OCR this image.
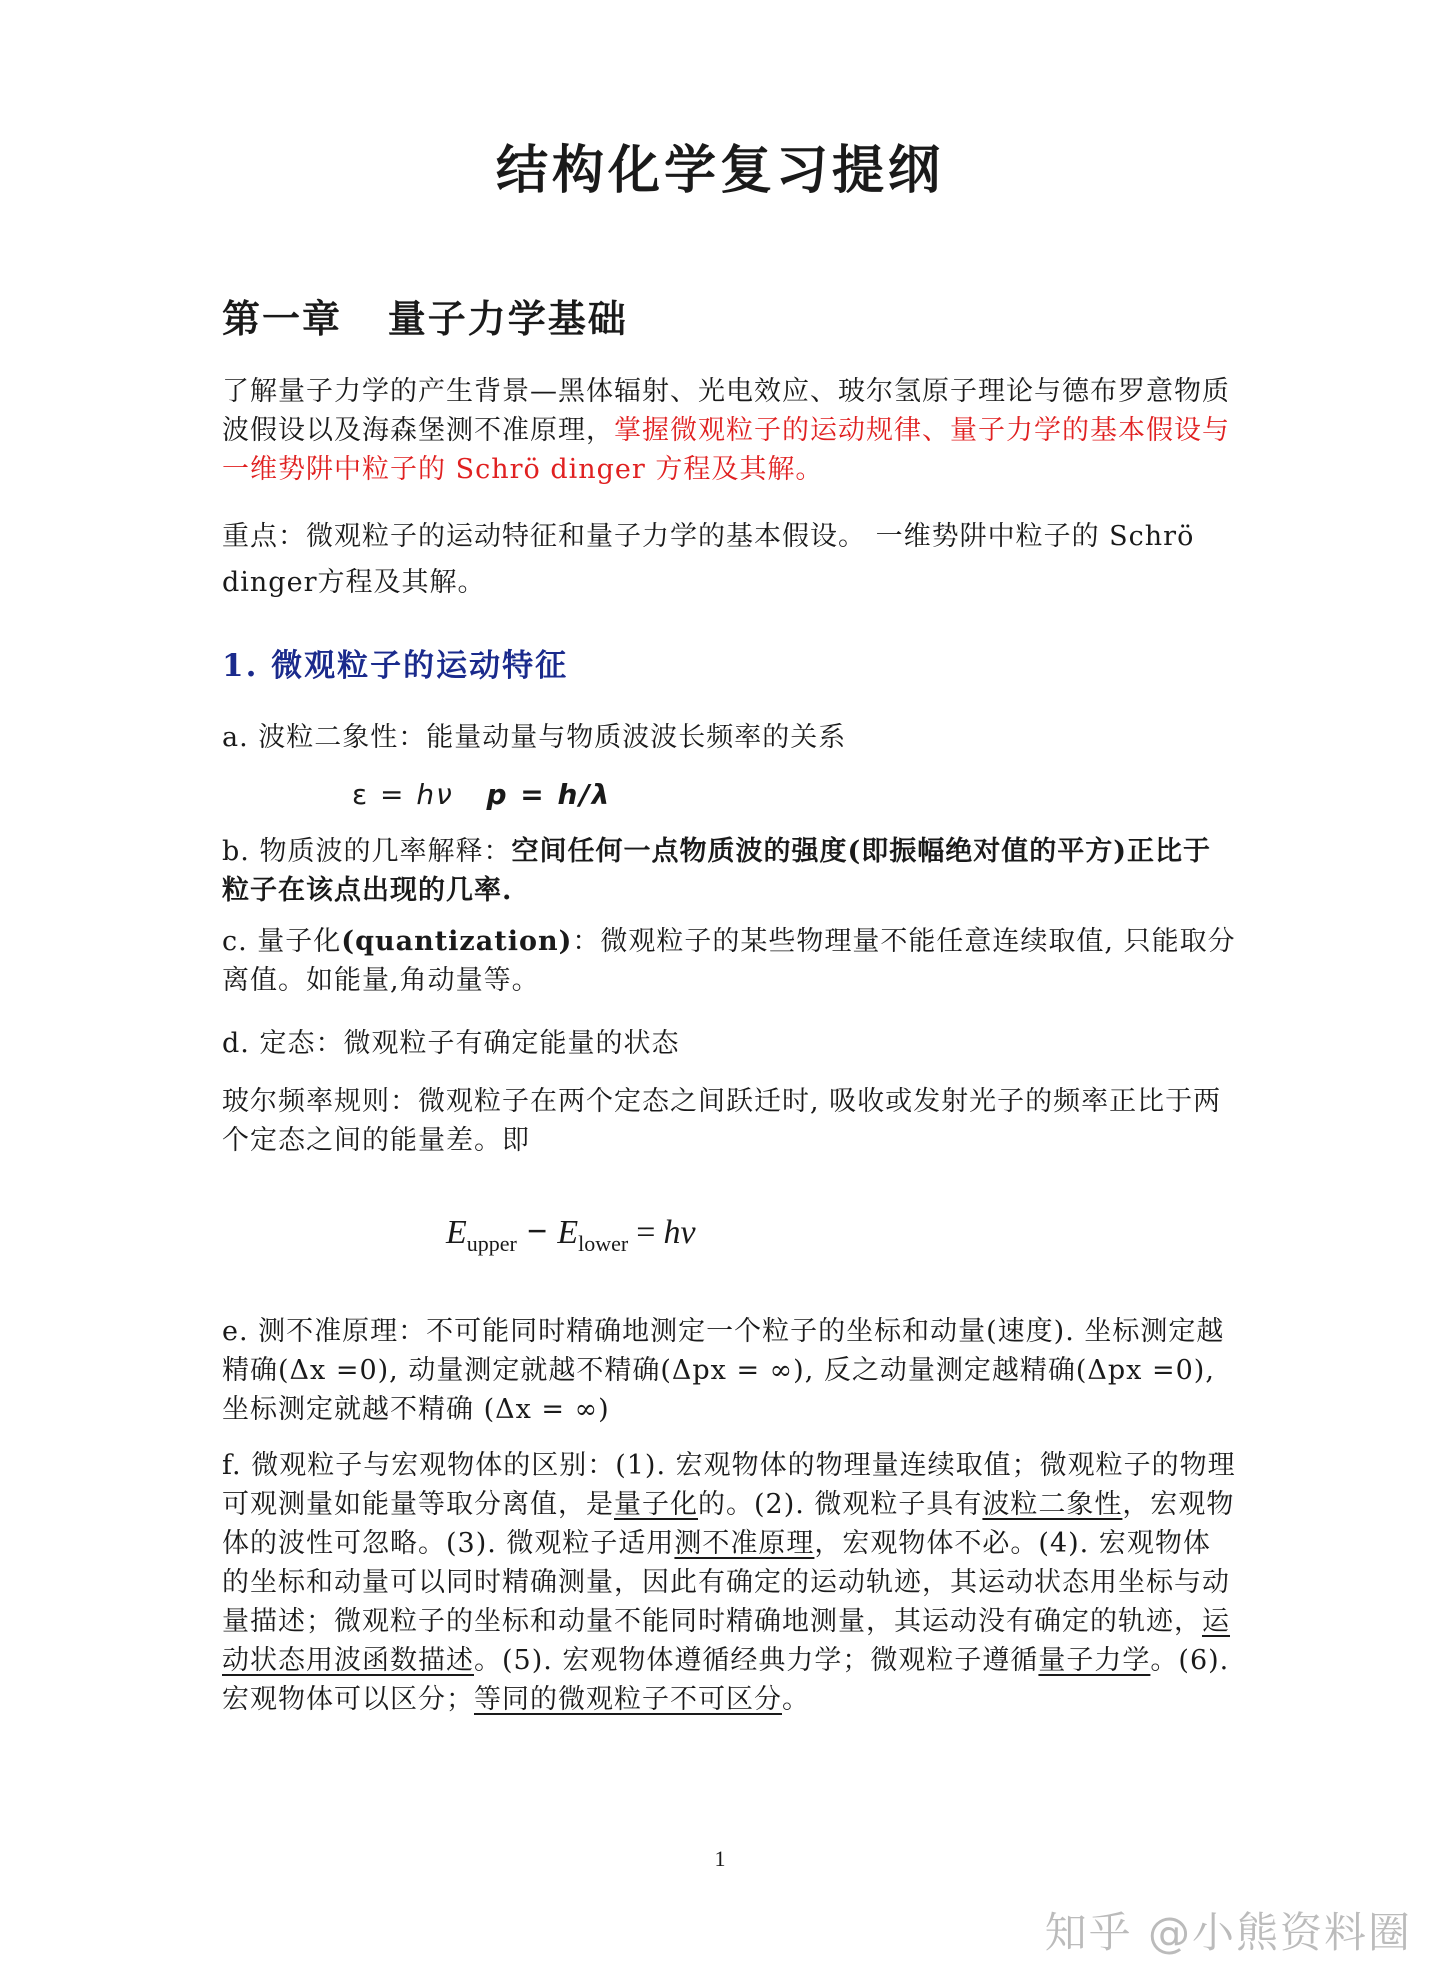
结构化学复习提纲
第一章   量子力学基础

了解量子力学的产生背景—黑体辐射、光电效应、玻尔氢原子理论与德布罗意物质波假设以及海森堡测不准原理，掌握微观粒子的运动规律、量子力学的基本假设与一维势阱中粒子的 Schrö dinger 方程及其解。

重点：微观粒子的运动特征和量子力学的基本假设。 一维势阱中粒子的 Schrö dinger方程及其解。

1. 微观粒子的运动特征

a. 波粒二象性：能量动量与物质波波长频率的关系

ε = hν p = h/λ

b. 物质波的几率解释：空间任何一点物质波的强度(即振幅绝对值的平方)正比于粒子在该点出现的几率.

c. 量子化(quantization)：微观粒子的某些物理量不能任意连续取值, 只能取分离值。如能量,角动量等。

d. 定态：微观粒子有确定能量的状态

玻尔频率规则：微观粒子在两个定态之间跃迁时, 吸收或发射光子的频率正比于两个定态之间的能量差。即

$E_{upper} - E_{lower} = h\nu$

e. 测不准原理：不可能同时精确地测定一个粒子的坐标和动量(速度). 坐标测定越精确(Δx =0), 动量测定就越不精确(Δpx = ∞), 反之动量测定越精确(Δpx =0), 坐标测定就越不精确 (Δx = ∞)

f. 微观粒子与宏观物体的区别：(1). 宏观物体的物理量连续取值；微观粒子的物理可观测量如能量等取分离值，是量子化的。(2). 微观粒子具有波粒二象性，宏观物体的波性可忽略。(3). 微观粒子适用测不准原理，宏观物体不必。(4). 宏观物体的坐标和动量可以同时精确测量，因此有确定的运动轨迹，其运动状态用坐标与动量描述；微观粒子的坐标和动量不能同时精确地测量，其运动没有确定的轨迹，运动状态用波函数描述。(5). 宏观物体遵循经典力学；微观粒子遵循量子力学。(6). 宏观物体可以区分；等同的微观粒子不可区分。

1
知乎 @小熊资料圈
